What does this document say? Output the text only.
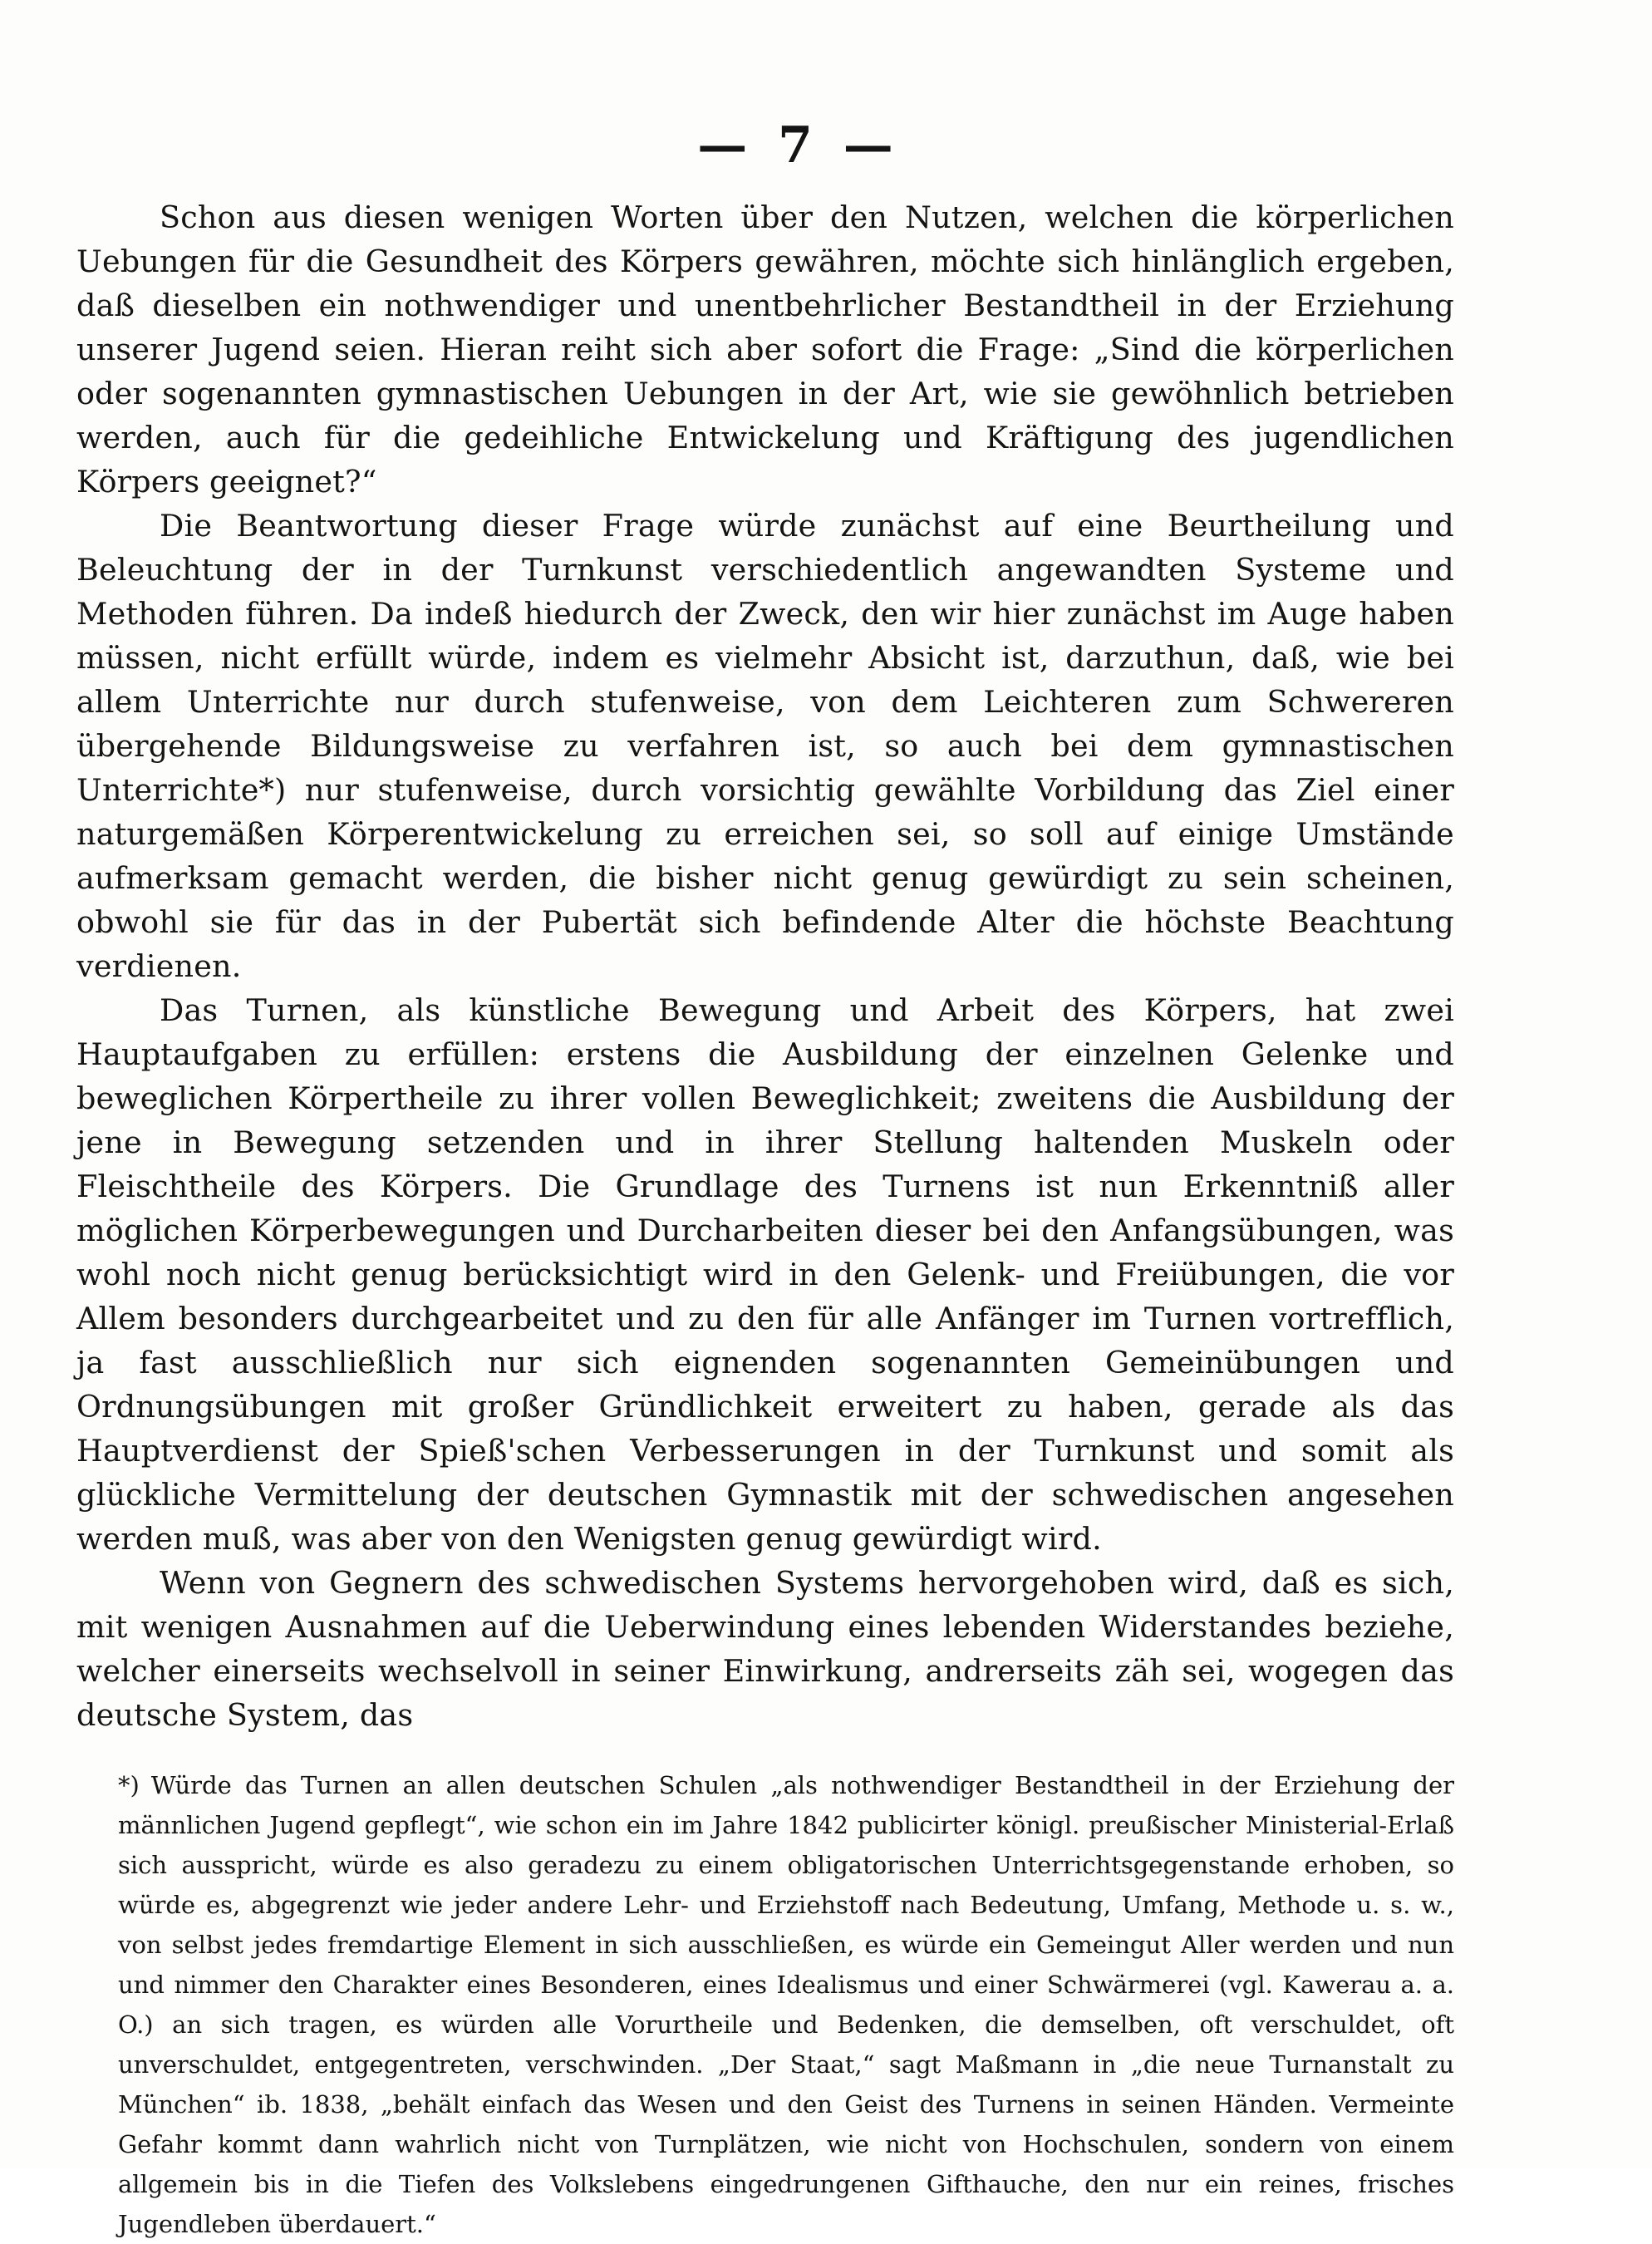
— 7 —

Schon aus diesen wenigen Worten über den Nutzen, welchen die körperlichen Uebungen für die Gesundheit des Körpers gewähren, möchte sich hinlänglich ergeben, daß dieselben ein nothwendiger und unentbehrlicher Bestandtheil in der Erziehung unserer Jugend seien. Hieran reiht sich aber sofort die Frage: „Sind die körperlichen oder sogenannten gymnastischen Uebungen in der Art, wie sie gewöhnlich betrieben werden, auch für die gedeihliche Entwickelung und Kräftigung des jugendlichen Körpers geeignet?“

Die Beantwortung dieser Frage würde zunächst auf eine Beurtheilung und Beleuchtung der in der Turnkunst verschiedentlich angewandten Systeme und Methoden führen. Da indeß hiedurch der Zweck, den wir hier zunächst im Auge haben müssen, nicht erfüllt würde, indem es vielmehr Absicht ist, darzuthun, daß, wie bei allem Unterrichte nur durch stufenweise, von dem Leichteren zum Schwereren übergehende Bildungsweise zu verfahren ist, so auch bei dem gymnastischen Unterrichte*) nur stufenweise, durch vorsichtig gewählte Vorbildung das Ziel einer naturgemäßen Körperentwickelung zu erreichen sei, so soll auf einige Umstände aufmerksam gemacht werden, die bisher nicht genug gewürdigt zu sein scheinen, obwohl sie für das in der Pubertät sich befindende Alter die höchste Beachtung verdienen.

Das Turnen, als künstliche Bewegung und Arbeit des Körpers, hat zwei Hauptaufgaben zu erfüllen: erstens die Ausbildung der einzelnen Gelenke und beweglichen Körpertheile zu ihrer vollen Beweglichkeit; zweitens die Ausbildung der jene in Bewegung setzenden und in ihrer Stellung haltenden Muskeln oder Fleischtheile des Körpers. Die Grundlage des Turnens ist nun Erkenntniß aller möglichen Körperbewegungen und Durcharbeiten dieser bei den Anfangsübungen, was wohl noch nicht genug berücksichtigt wird in den Gelenk- und Freiübungen, die vor Allem besonders durchgearbeitet und zu den für alle Anfänger im Turnen vortrefflich, ja fast ausschließlich nur sich eignenden sogenannten Gemeinübungen und Ordnungsübungen mit großer Gründlichkeit erweitert zu haben, gerade als das Hauptverdienst der Spieß'schen Verbesserungen in der Turnkunst und somit als glückliche Vermittelung der deutschen Gymnastik mit der schwedischen angesehen werden muß, was aber von den Wenigsten genug gewürdigt wird.

Wenn von Gegnern des schwedischen Systems hervorgehoben wird, daß es sich, mit wenigen Ausnahmen auf die Ueberwindung eines lebenden Widerstandes beziehe, welcher einerseits wechselvoll in seiner Einwirkung, andrerseits zäh sei, wogegen das deutsche System, das

*) Würde das Turnen an allen deutschen Schulen „als nothwendiger Bestandtheil in der Erziehung der männlichen Jugend gepflegt“, wie schon ein im Jahre 1842 publicirter königl. preußischer Ministerial-Erlaß sich ausspricht, würde es also geradezu zu einem obligatorischen Unterrichtsgegenstande erhoben, so würde es, abgegrenzt wie jeder andere Lehr- und Erziehstoff nach Bedeutung, Umfang, Methode u. s. w., von selbst jedes fremdartige Element in sich ausschließen, es würde ein Gemeingut Aller werden und nun und nimmer den Charakter eines Besonderen, eines Idealismus und einer Schwärmerei (vgl. Kawerau a. a. O.) an sich tragen, es würden alle Vorurtheile und Bedenken, die demselben, oft verschuldet, oft unverschuldet, entgegentreten, verschwinden. „Der Staat,“ sagt Maßmann in „die neue Turnanstalt zu München“ ib. 1838, „behält einfach das Wesen und den Geist des Turnens in seinen Händen. Vermeinte Gefahr kommt dann wahrlich nicht von Turnplätzen, wie nicht von Hochschulen, sondern von einem allgemein bis in die Tiefen des Volkslebens eingedrungenen Gifthauche, den nur ein reines, frisches Jugendleben überdauert.“
